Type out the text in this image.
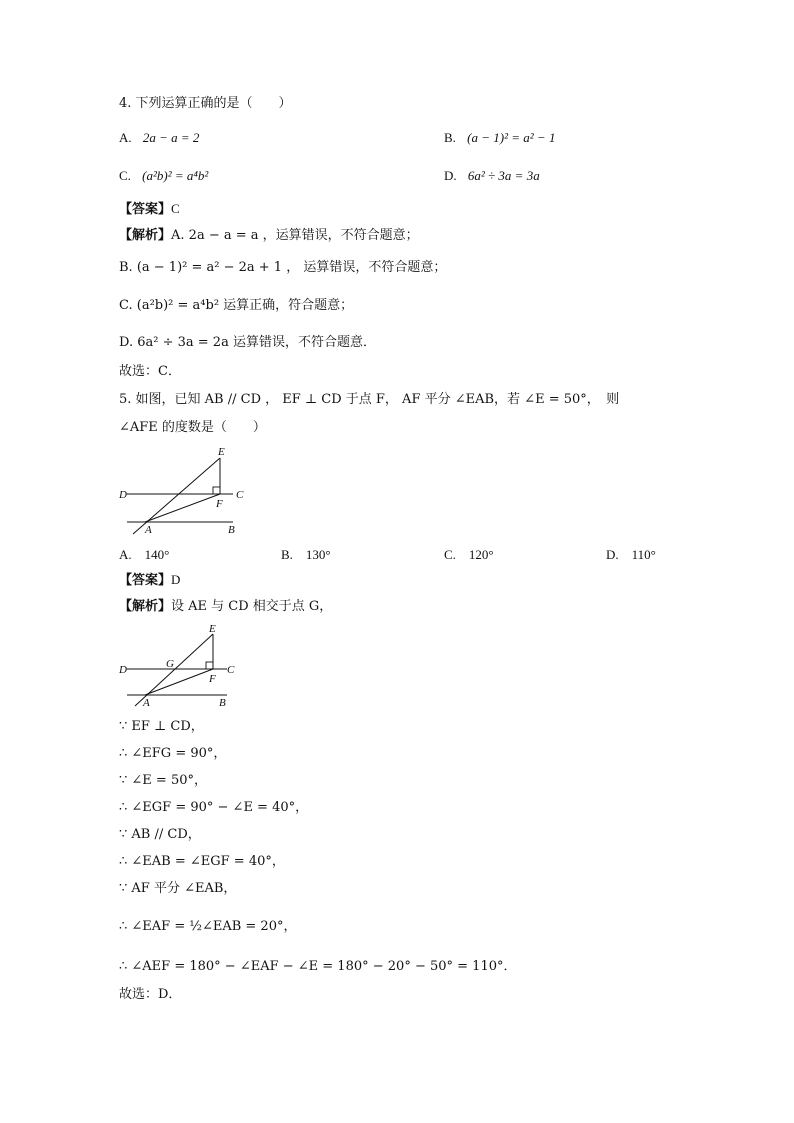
4. 下列运算正确的是（　　）
A. 2a − a = 2	B. (a − 1)² = a² − 1
C. (a²b)² = a⁴b²	D. 6a² ÷ 3a = 3a
【答案】C
【解析】A. 2a − a = a ，运算错误，不符合题意；
B. (a − 1)² = a² − 2a + 1 ， 运算错误，不符合题意；
C. (a²b)² = a⁴b² 运算正确，符合题意；
D. 6a² ÷ 3a = 2a 运算错误，不符合题意．
故选：C．
5. 如图，已知 AB // CD ， EF ⊥ CD 于点 F， AF 平分 ∠EAB，若 ∠E = 50°，　则
∠AFE 的度数是（　　）
E
D	C
F
A	B
A.　140°	B.　130°	C.　120°	D.　110°
【答案】D
【解析】设 AE 与 CD 相交于点 G，
E
D	C
G
F
A	B
∵ EF ⊥ CD，
∴ ∠EFG = 90°，
∵ ∠E = 50°，
∴ ∠EGF = 90° − ∠E = 40°，
∵ AB // CD，
∴ ∠EAB = ∠EGF = 40°，
∵ AF 平分 ∠EAB，
∴ ∠EAF = ½∠EAB = 20°，
∴ ∠AEF = 180° − ∠EAF − ∠E = 180° − 20° − 50° = 110°．
故选：D．
